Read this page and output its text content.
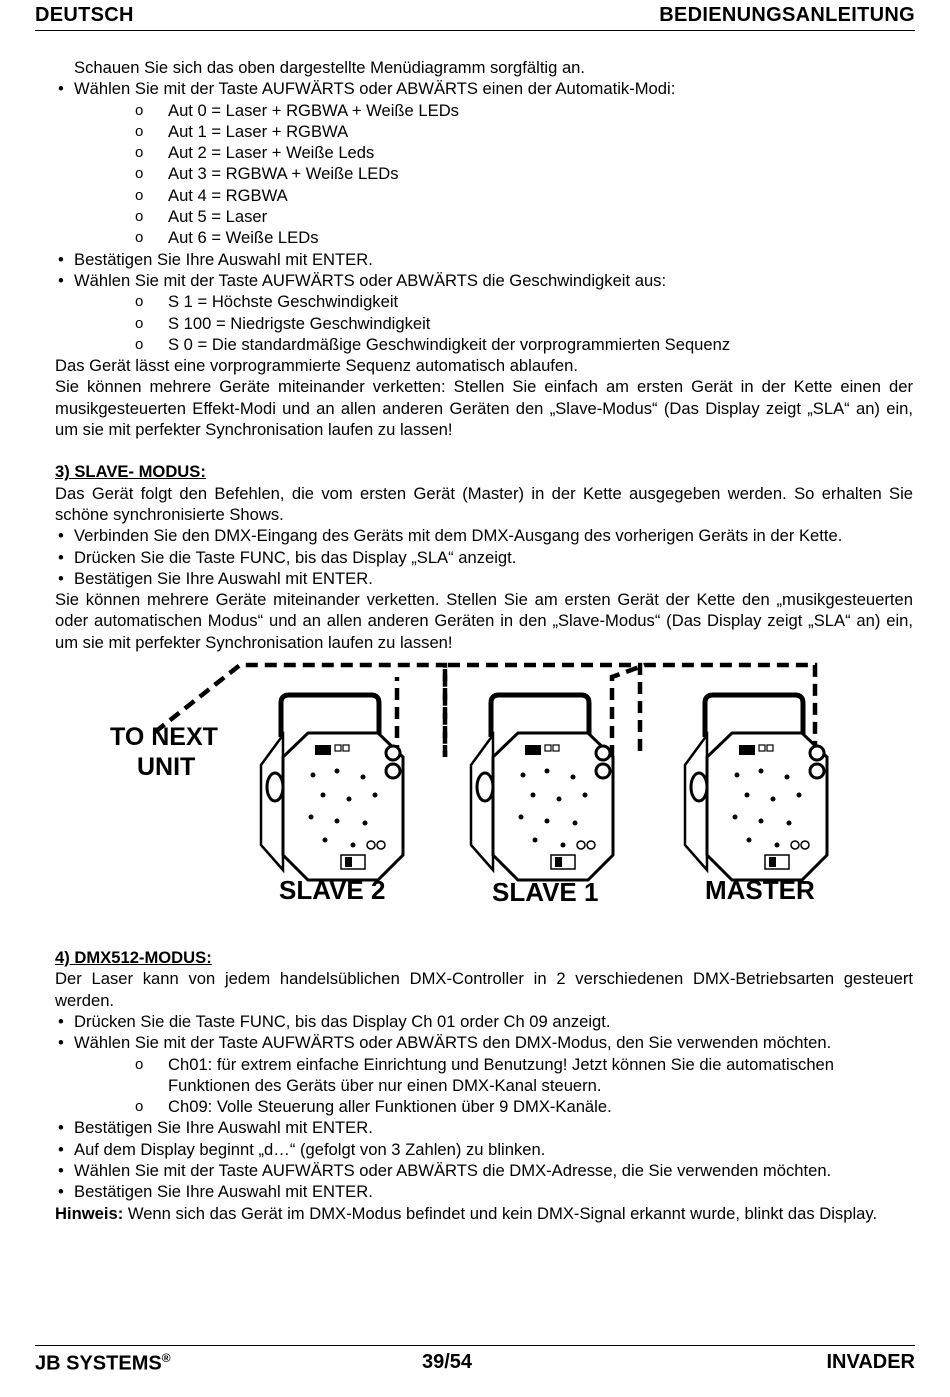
DEUTSCH	BEDIENUNGSANLEITUNG

Schauen Sie sich das oben dargestellte Menüdiagramm sorgfältig an.

• Wählen Sie mit der Taste AUFWÄRTS oder ABWÄRTS einen der Automatik-Modi:
o Aut 0 = Laser + RGBWA + Weiße LEDs
o Aut 1 = Laser + RGBWA
o Aut 2 = Laser + Weiße Leds
o Aut 3 = RGBWA + Weiße LEDs
o Aut 4 = RGBWA
o Aut 5 = Laser
o Aut 6 = Weiße LEDs
• Bestätigen Sie Ihre Auswahl mit ENTER.
• Wählen Sie mit der Taste AUFWÄRTS oder ABWÄRTS die Geschwindigkeit aus:
o S 1 = Höchste Geschwindigkeit
o S 100 = Niedrigste Geschwindigkeit
o S 0 = Die standardmäßige Geschwindigkeit der vorprogrammierten Sequenz

Das Gerät lässt eine vorprogrammierte Sequenz automatisch ablaufen.

Sie können mehrere Geräte miteinander verketten: Stellen Sie einfach am ersten Gerät in der Kette einen der musikgesteuerten Effekt-Modi und an allen anderen Geräten den „Slave-Modus“ (Das Display zeigt „SLA“ an) ein, um sie mit perfekter Synchronisation laufen zu lassen!

3) SLAVE- MODUS:

Das Gerät folgt den Befehlen, die vom ersten Gerät (Master) in der Kette ausgegeben werden. So erhalten Sie schöne synchronisierte Shows.

• Verbinden Sie den DMX-Eingang des Geräts mit dem DMX-Ausgang des vorherigen Geräts in der Kette.
• Drücken Sie die Taste FUNC, bis das Display „SLA“ anzeigt.
• Bestätigen Sie Ihre Auswahl mit ENTER.

Sie können mehrere Geräte miteinander verketten. Stellen Sie am ersten Gerät der Kette den „musikgesteuerten oder automatischen Modus“ und an allen anderen Geräten in den „Slave-Modus“ (Das Display zeigt „SLA“ an) ein, um sie mit perfekter Synchronisation laufen zu lassen!

TO NEXT
UNIT
SLAVE 2	SLAVE 1	MASTER

4) DMX512-MODUS:

Der Laser kann von jedem handelsüblichen DMX-Controller in 2 verschiedenen DMX-Betriebsarten gesteuert werden.

• Drücken Sie die Taste FUNC, bis das Display Ch 01 order Ch 09 anzeigt.
• Wählen Sie mit der Taste AUFWÄRTS oder ABWÄRTS den DMX-Modus, den Sie verwenden möchten.
o Ch01: für extrem einfache Einrichtung und Benutzung! Jetzt können Sie die automatischen Funktionen des Geräts über nur einen DMX-Kanal steuern.
o Ch09: Volle Steuerung aller Funktionen über 9 DMX-Kanäle.
• Bestätigen Sie Ihre Auswahl mit ENTER.
• Auf dem Display beginnt „d…“ (gefolgt von 3 Zahlen) zu blinken.
• Wählen Sie mit der Taste AUFWÄRTS oder ABWÄRTS die DMX-Adresse, die Sie verwenden möchten.
• Bestätigen Sie Ihre Auswahl mit ENTER.

Hinweis: Wenn sich das Gerät im DMX-Modus befindet und kein DMX-Signal erkannt wurde, blinkt das Display.

JB SYSTEMS®	39/54	INVADER
